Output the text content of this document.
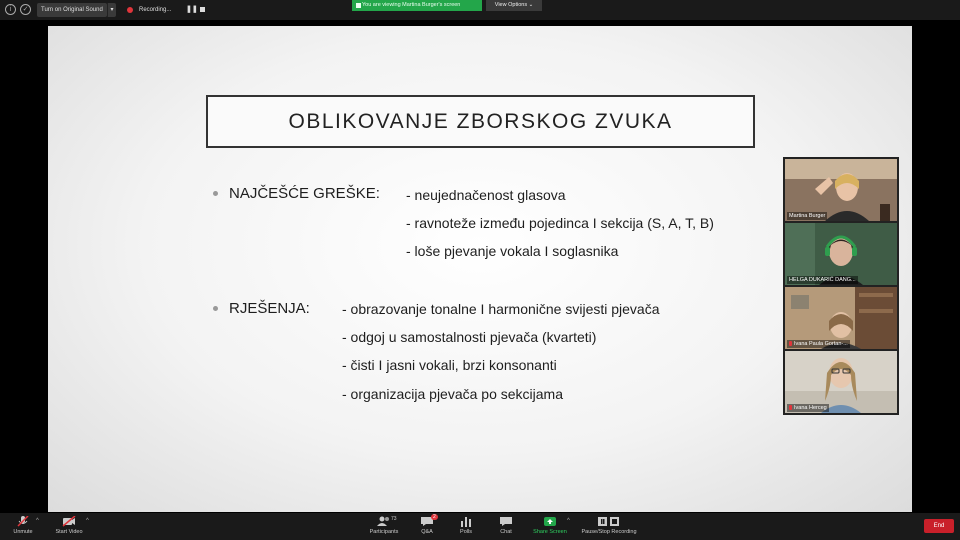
i	✓	Turn on Original Sound	▾	Recording... ❚❚
You are viewing Martina Burger's screen	View Options ⌄
OBLIKOVANJE ZBORSKOG ZVUKA
NAJČEŠĆE GREŠKE: - neujednačenost glasova
- ravnoteže između pojedinca I sekcija (S, A, T, B)
- loše pjevanje vokala I soglasnika
RJEŠENJA: - obrazovanje tonalne I harmonične svijesti pjevača
- odgoj u samostalnosti pjevača (kvarteti)
- čisti I jasni vokali, brzi konsonanti
- organizacija pjevača po sekcijama
Martina Burger
HELGA DUKARIĆ DANG...
Ivana Paula Gortan-...
Ivana Herceg
Unmute
^
Start Video
^	73
Participants
2
Q&A	Polls	Chat	Share Screen
^
Pause/Stop Recording
End
